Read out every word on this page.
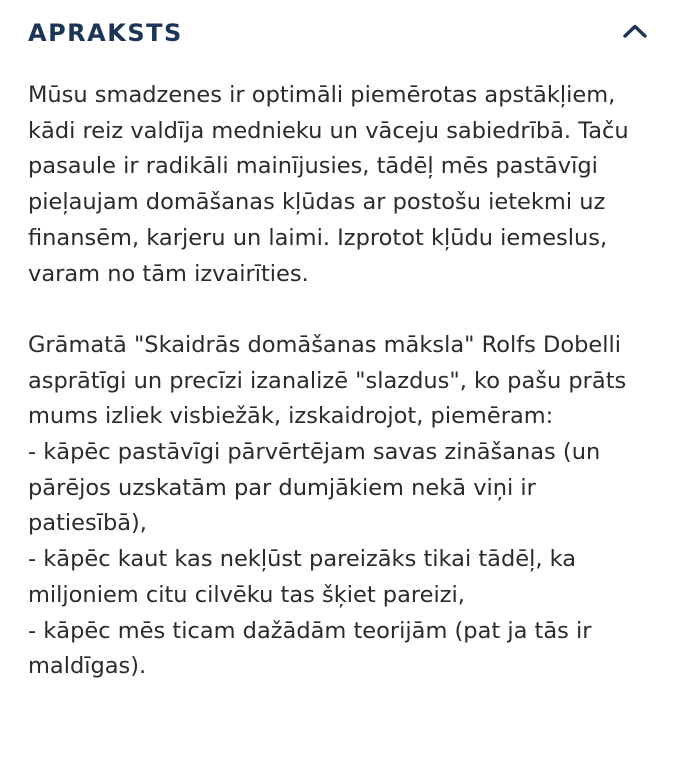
APRAKSTS

Mūsu smadzenes ir optimāli piemērotas apstākļiem, kādi reiz valdīja mednieku un vāceju sabiedrībā. Taču pasaule ir radikāli mainījusies, tādēļ mēs pastāvīgi pieļaujam domāšanas kļūdas ar postošu ietekmi uz finansēm, karjeru un laimi. Izprotot kļūdu iemeslus, varam no tām izvairīties.

Grāmatā "Skaidrās domāšanas māksla" Rolfs Dobelli asprātīgi un precīzi izanalizē "slazdus", ko pašu prāts mums izliek visbiežāk, izskaidrojot, piemēram:
- kāpēc pastāvīgi pārvērtējam savas zināšanas (un pārējos uzskatām par dumjākiem nekā viņi ir patiesībā),
- kāpēc kaut kas nekļūst pareizāks tikai tādēļ, ka miljoniem citu cilvēku tas šķiet pareizi,
- kāpēc mēs ticam dažādām teorijām (pat ja tās ir maldīgas).
